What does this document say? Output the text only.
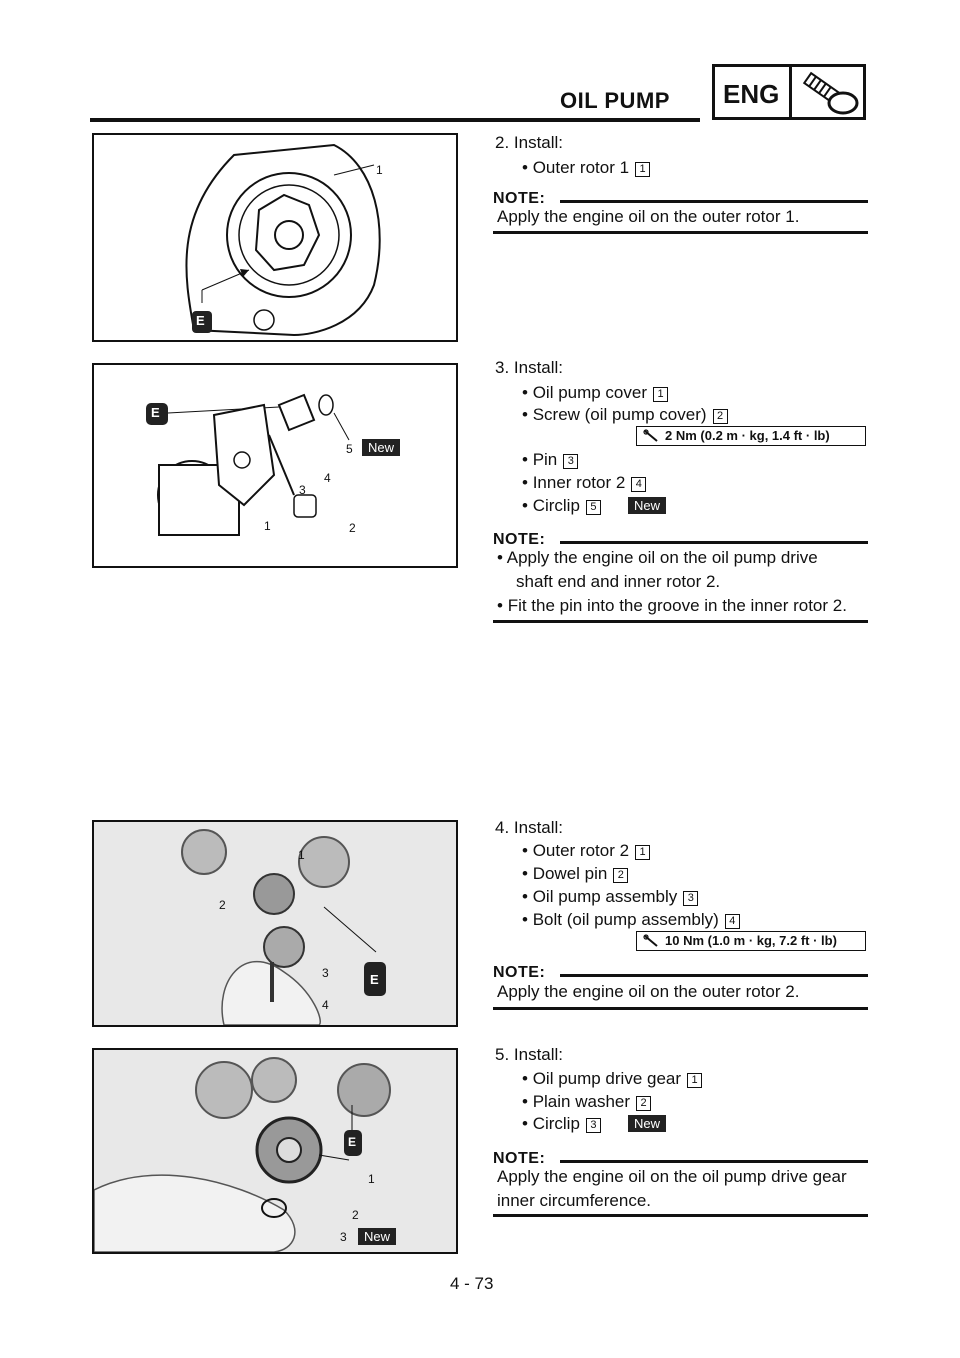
OIL PUMP ENG
1
E
E
5	New
4
3
1	2
1
2
3
4
E
E
1
2
3	New
2. Install:
• Outer rotor 1 1
NOTE:
Apply the engine oil on the outer rotor 1.
3. Install:
• Oil pump cover 1
• Screw (oil pump cover) 2
2 Nm (0.2 m · kg, 1.4 ft · lb)
• Pin 3
• Inner rotor 2 4
• Circlip 5	New
NOTE:
• Apply the engine oil on the oil pump drive
shaft end and inner rotor 2.
• Fit the pin into the groove in the inner rotor 2.
4. Install:
• Outer rotor 2 1
• Dowel pin 2
• Oil pump assembly 3
• Bolt (oil pump assembly) 4
10 Nm (1.0 m · kg, 7.2 ft · lb)
NOTE:
Apply the engine oil on the outer rotor 2.
5. Install:
• Oil pump drive gear 1
• Plain washer 2
• Circlip 3	New
NOTE:
Apply the engine oil on the oil pump drive gear
inner circumference.
4 - 73
